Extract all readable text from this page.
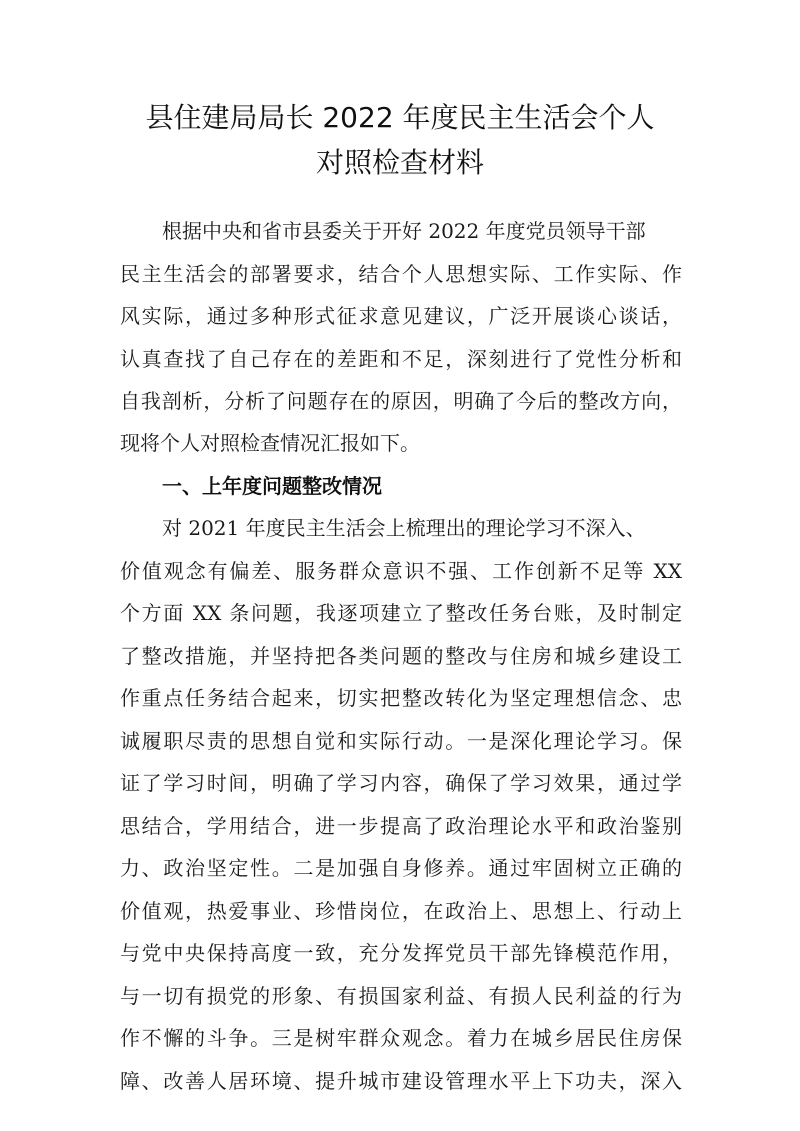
县住建局局长 2022 年度民主生活会个人
对照检查材料

根据中央和省市县委关于开好 2022 年度党员领导干部

民主生活会的部署要求，结合个人思想实际、工作实际、作

风实际，通过多种形式征求意见建议，广泛开展谈心谈话，

认真查找了自己存在的差距和不足，深刻进行了党性分析和

自我剖析，分析了问题存在的原因，明确了今后的整改方向，

现将个人对照检查情况汇报如下。

一、上年度问题整改情况

对 2021 年度民主生活会上梳理出的理论学习不深入、

价值观念有偏差、服务群众意识不强、工作创新不足等 XX

个方面 XX 条问题，我逐项建立了整改任务台账，及时制定

了整改措施，并坚持把各类问题的整改与住房和城乡建设工

作重点任务结合起来，切实把整改转化为坚定理想信念、忠

诚履职尽责的思想自觉和实际行动。一是深化理论学习。保

证了学习时间，明确了学习内容，确保了学习效果，通过学

思结合，学用结合，进一步提高了政治理论水平和政治鉴别

力、政治坚定性。二是加强自身修养。通过牢固树立正确的

价值观，热爱事业、珍惜岗位，在政治上、思想上、行动上

与党中央保持高度一致，充分发挥党员干部先锋模范作用，

与一切有损党的形象、有损国家利益、有损人民利益的行为

作不懈的斗争。三是树牢群众观念。着力在城乡居民住房保

障、改善人居环境、提升城市建设管理水平上下功夫，深入
